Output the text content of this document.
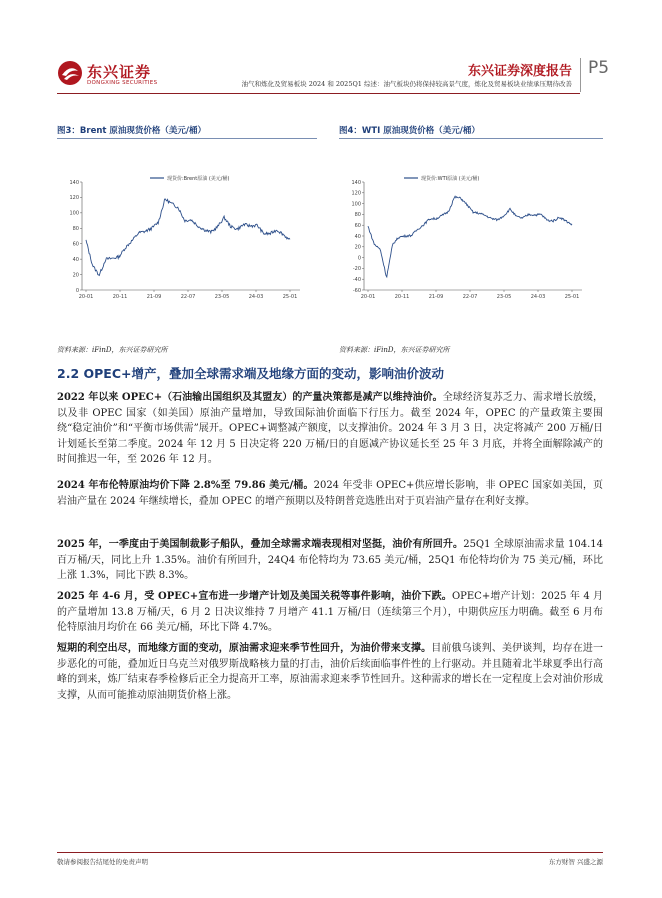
东兴证券
DONGXING SECURITIES
东兴证券深度报告 P5
油气和炼化及贸易板块 2024 和 2025Q1 综述：油气板块仍将保持较高景气度，炼化及贸易板块业绩承压期待改善
图3：Brent 原油现货价格（美元/桶）
0
20
40
60
80
100
120
140
20-01	20-11	21-09	22-07	23-05	24-03	25-01
现货价:Brent原油 (美元/桶)
资料来源：iFinD，东兴证券研究所
图4：WTI 原油现货价格（美元/桶）
-60
-40
-20
0
20
40
60
80
100
120
140
20-01	20-11	21-09	22-07	23-05	24-03	25-01
现货价:WTI原油 (美元/桶)
资料来源：iFinD，东兴证券研究所
2.2 OPEC+增产，叠加全球需求端及地缘方面的变动，影响油价波动
2022 年以来 OPEC+（石油输出国组织及其盟友）的产量决策都是减产以维持油价。全球经济复苏乏力、需求增长放缓，以及非 OPEC 国家（如美国）原油产量增加，导致国际油价面临下行压力。截至 2024 年，OPEC 的产量政策主要围绕“稳定油价”和“平衡市场供需”展开。OPEC+调整减产额度，以支撑油价。2024 年 3 月 3 日，决定将减产 200 万桶/日计划延长至第二季度。2024 年 12 月 5 日决定将 220 万桶/日的自愿减产协议延长至 25 年 3 月底，并将全面解除减产的时间推迟一年，至 2026 年 12 月。
2024 年布伦特原油均价下降 2.8%至 79.86 美元/桶。2024 年受非 OPEC+供应增长影响，非 OPEC 国家如美国，页岩油产量在 2024 年继续增长，叠加 OPEC 的增产预期以及特朗普竞选胜出对于页岩油产量存在利好支撑。
2025 年，一季度由于美国制裁影子船队，叠加全球需求端表现相对坚挺，油价有所回升。25Q1 全球原油需求量 104.14 百万桶/天，同比上升 1.35%。油价有所回升，24Q4 布伦特均为 73.65 美元/桶，25Q1 布伦特均价为 75 美元/桶，环比上涨 1.3%，同比下跌 8.3%。
2025 年 4-6 月，受 OPEC+宣布进一步增产计划及美国关税等事件影响，油价下跌。OPEC+增产计划：2025 年 4 月的产量增加 13.8 万桶/天，6 月 2 日决议维持 7 月增产 41.1 万桶/日（连续第三个月），中期供应压力明确。截至 6 月布伦特原油月均价在 66 美元/桶，环比下降 4.7%。
短期的利空出尽，而地缘方面的变动，原油需求迎来季节性回升，为油价带来支撑。目前俄乌谈判、美伊谈判，均存在进一步恶化的可能，叠加近日乌克兰对俄罗斯战略核力量的打击，油价后续面临事件性的上行驱动。并且随着北半球夏季出行高峰的到来，炼厂结束春季检修后正全力提高开工率，原油需求迎来季节性回升。这种需求的增长在一定程度上会对油价形成支撑，从而可能推动原油期货价格上涨。
敬请参阅报告结尾处的免责声明	东方财智 兴盛之源
